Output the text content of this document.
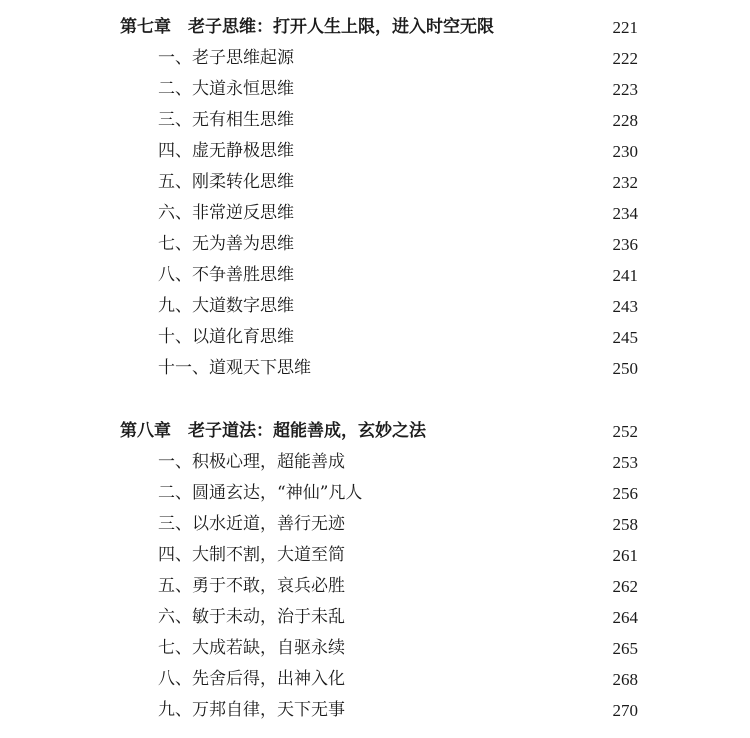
第七章　老子思维：打开人生上限，进入时空无限	221
一、老子思维起源	222
二、大道永恒思维	223
三、无有相生思维	228
四、虚无静极思维	230
五、刚柔转化思维	232
六、非常逆反思维	234
七、无为善为思维	236
八、不争善胜思维	241
九、大道数字思维	243
十、以道化育思维	245
十一、道观天下思维	250
第八章　老子道法：超能善成，玄妙之法	252
一、积极心理，超能善成	253
二、圆通玄达，“神仙”凡人	256
三、以水近道，善行无迹	258
四、大制不割，大道至简	261
五、勇于不敢，哀兵必胜	262
六、敏于未动，治于未乱	264
七、大成若缺，自驱永续	265
八、先舍后得，出神入化	268
九、万邦自律，天下无事	270
